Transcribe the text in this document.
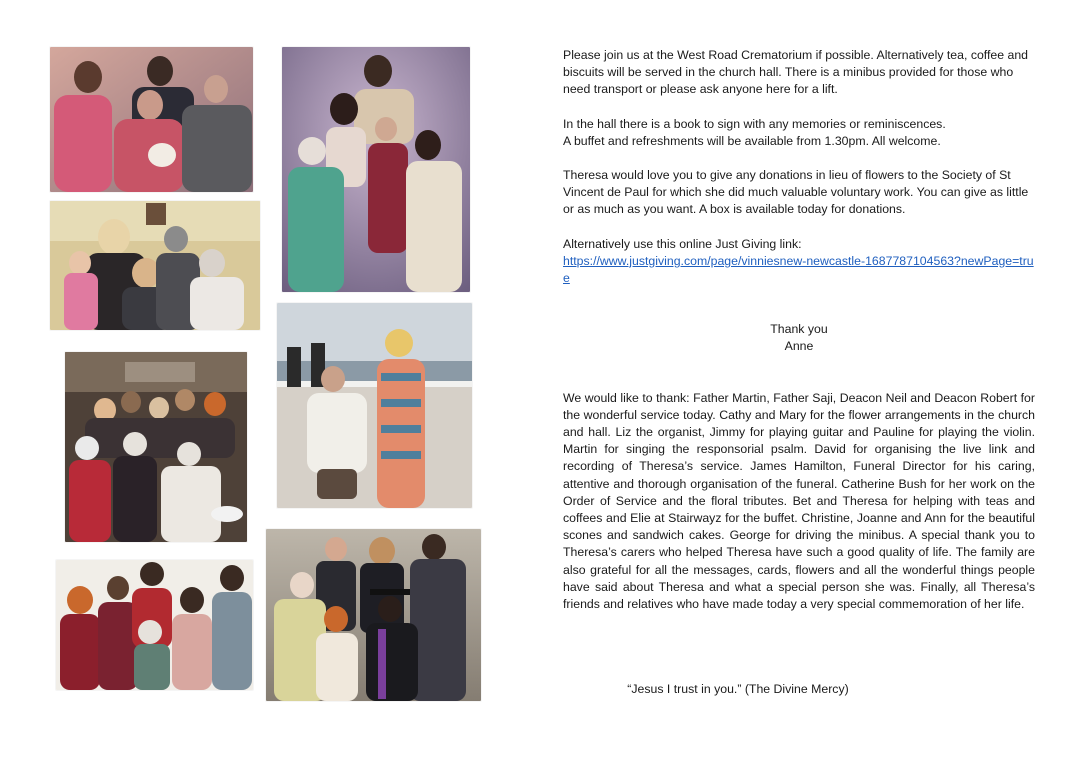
Please join us at the West Road Crematorium if possible. Alternatively tea, coffee and biscuits will be served in the church hall. There is a minibus provided for those who need transport or please ask anyone here for a lift.

In the hall there is a book to sign with any memories or reminiscences.
A buffet and refreshments will be available from 1.30pm. All welcome.

Theresa would love you to give any donations in lieu of flowers to the Society of St Vincent de Paul for which she did much valuable voluntary work. You can give as little or as much as you want. A box is available today for donations.

Alternatively use this online Just Giving link:
https://www.justgiving.com/page/vinniesnew-newcastle-1687787104563?newPage=true

Thank you

Anne

We would like to thank: Father Martin, Father Saji, Deacon Neil and Deacon Robert for the wonderful service today. Cathy and Mary for the flower arrangements in the church and hall. Liz the organist, Jimmy for playing guitar and Pauline for playing the violin. Martin for singing the responsorial psalm. David for organising the live link and recording of Theresa’s service. James Hamilton, Funeral Director for his caring, attentive and thorough organisation of the funeral. Catherine Bush for her work on the Order of Service and the floral tributes. Bet and Theresa for helping with teas and coffees and Elie at Stairwayz for the buffet. Christine, Joanne and Ann for the beautiful scones and sandwich cakes. George for driving the minibus. A special thank you to Theresa’s carers who helped Theresa have such a good quality of life. The family are also grateful for all the messages, cards, flowers and all the wonderful things people have said about Theresa and what a special person she was. Finally, all Theresa’s friends and relatives who have made today a very special commemoration of her life.

“Jesus I trust in you.” (The Divine Mercy)
